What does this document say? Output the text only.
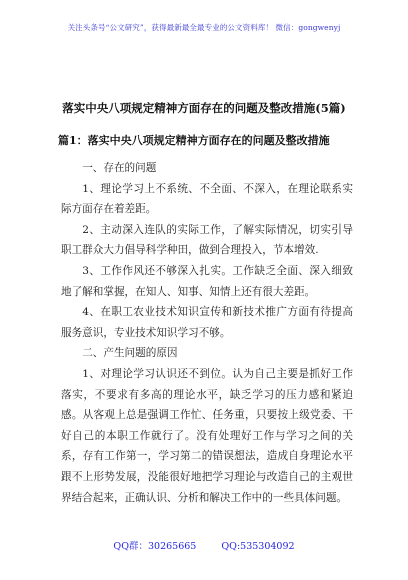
关注头条号“公文研究”，获得最新最全最专业的公文资料库！ 微信：gongwenyj
落实中央八项规定精神方面存在的问题及整改措施(5篇)
篇1：落实中央八项规定精神方面存在的问题及整改措施

一、存在的问题

1、理论学习上不系统、不全面、不深入，在理论联系实际方面存在着差距。

2、主动深入连队的实际工作，了解实际情况，切实引导职工群众大力倡导科学种田，做到合理投入，节本增效.

3、工作作风还不够深入扎实。工作缺乏全面、深入细致地了解和掌握，在知人、知事、知情上还有很大差距。

4、在职工农业技术知识宣传和新技术推广方面有待提高服务意识，专业技术知识学习不够。

二、产生问题的原因

1、对理论学习认识还不到位。认为自己主要是抓好工作落实，不要求有多高的理论水平，缺乏学习的压力感和紧迫感。从客观上总是强调工作忙、任务重，只要按上级党委、干好自己的本职工作就行了。没有处理好工作与学习之间的关系，存有工作第一，学习第二的错误想法，造成自身理论水平跟不上形势发展，没能很好地把学习理论与改造自己的主观世界结合起来，正确认识、分析和解决工作中的一些具体问题。

QQ群：30265665	QQ:535304092
